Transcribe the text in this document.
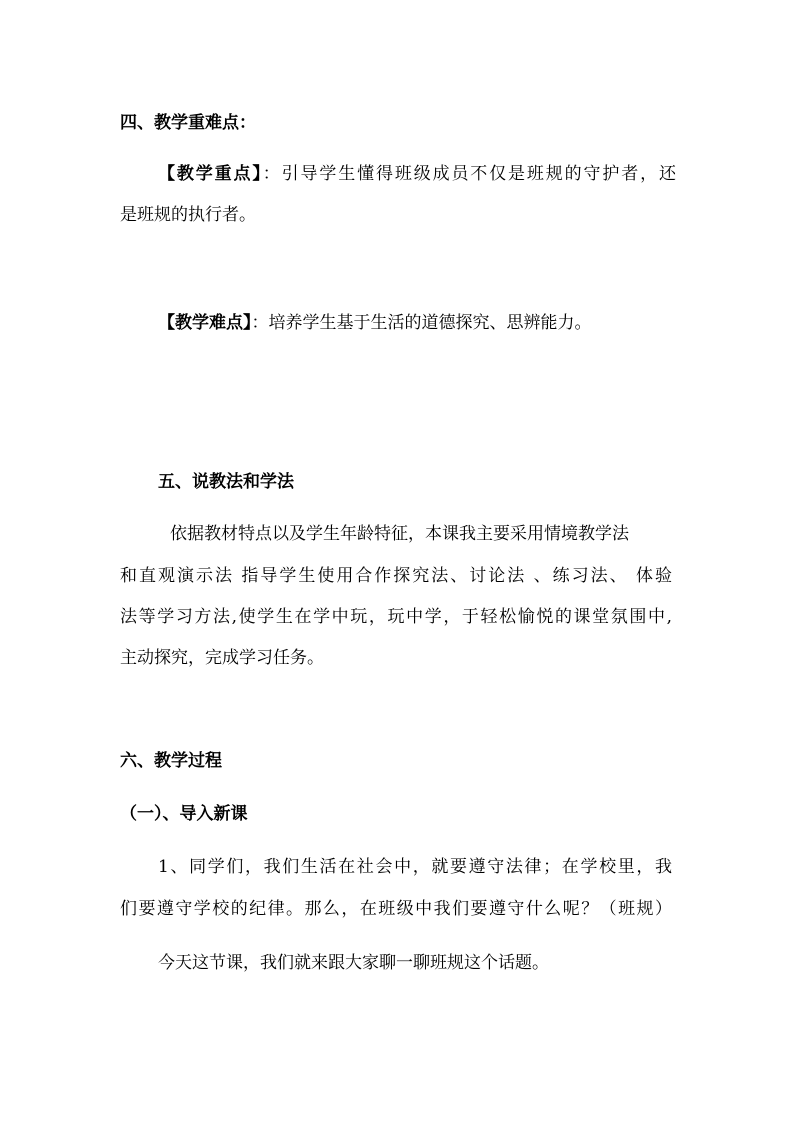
四、教学重难点：
【教学重点】：引导学生懂得班级成员不仅是班规的守护者，还
是班规的执行者。
【教学难点】：培养学生基于生活的道德探究、思辨能力。
五、说教法和学法
依据教材特点以及学生年龄特征，本课我主要采用情境教学法
和直观演示法 指导学生使用合作探究法、讨论法 、练习法、 体验
法等学习方法,使学生在学中玩，玩中学，于轻松愉悦的课堂氛围中,
主动探究，完成学习任务。
六、教学过程
（一）、导入新课
1、同学们，我们生活在社会中，就要遵守法律；在学校里，我
们要遵守学校的纪律。那么，在班级中我们要遵守什么呢？（班规）
今天这节课，我们就来跟大家聊一聊班规这个话题。
